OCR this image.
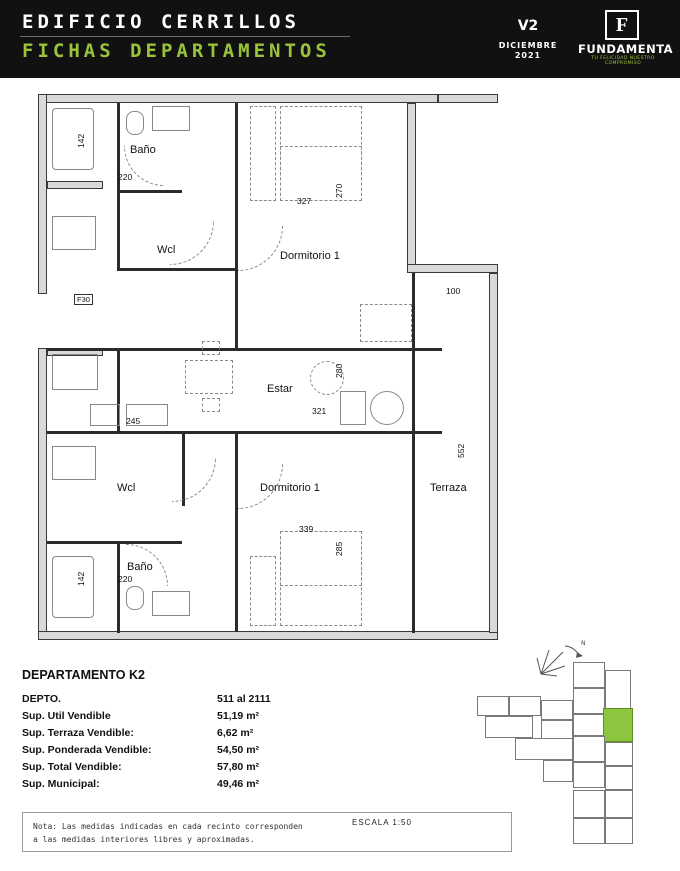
EDIFICIO CERRILLOS
FICHAS DEPARTAMENTOS
V2
DICIEMBRE
2021
F
FUNDAMENTA
TU FELICIDAD NUESTRO COMPROMISO
Baño
Wcl	Dormitorio 1
Estar
Dormitorio 1
Wcl
Baño
Terraza
142
220
327
270
100
552
280
321
245
339
285
142	220
F30
DEPARTAMENTO K2
DEPTO.	511 al 2111
Sup. Util Vendible	51,19 m²
Sup. Terraza Vendible:	6,62 m²
Sup. Ponderada Vendible:	54,50 m²
Sup. Total Vendible:	57,80 m²
Sup. Municipal:	49,46 m²
ESCALA 1:50
Nota: Las medidas indicadas en cada recinto corresponden
a las medidas interiores libres y aproximadas.
N
